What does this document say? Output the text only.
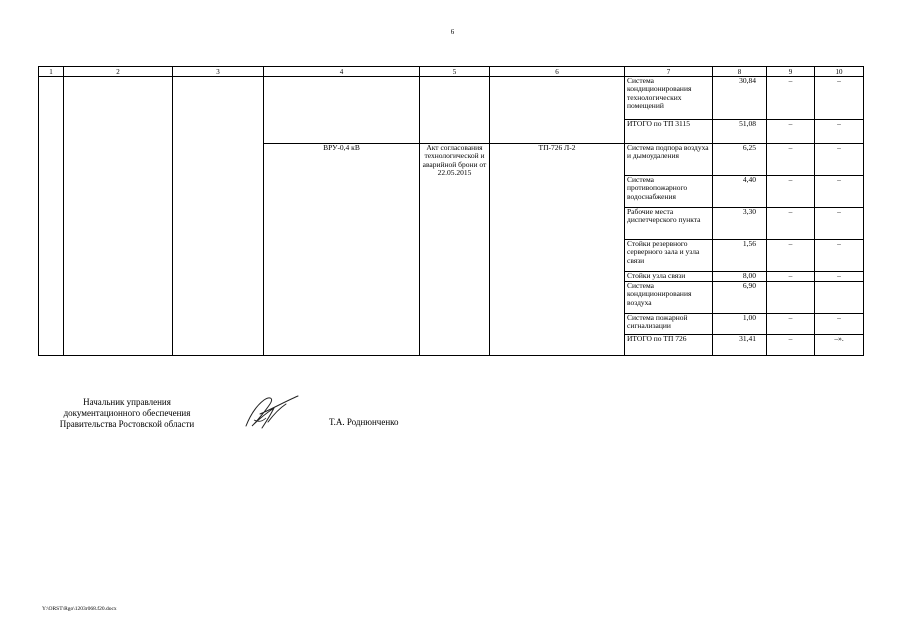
6
1	2	3	4	5	6	7	8	9	10
						Система кондиционирования технологических помещений	30,84	–	–
						ИТОГО по ТП 3115	51,08	–	–
			ВРУ-0,4 кВ	Акт согласования технологической и аварийной брони от 22.05.2015	ТП-726 Л-2	Система подпора воздуха и дымоудаления	6,25	–	–
						Система противопожарного водоснабжения	4,40	–	–
						Рабочие места диспетчерского пункта	3,30	–	–
						Стойки резервного серверного зала и узла связи	1,56	–	–
						Стойки узла связи	8,00	–	–
						Система кондиционирования воздуха	6,90		
						Система пожарной сигнализации	1,00	–	–
						ИТОГО по ТП 726	31,41	–	–».
Начальник управления
документационного обеспечения
Правительства Ростовской области	Т.А. Роднюнченко
Y:\ORST\Rgo\1203r068.f20.docx
